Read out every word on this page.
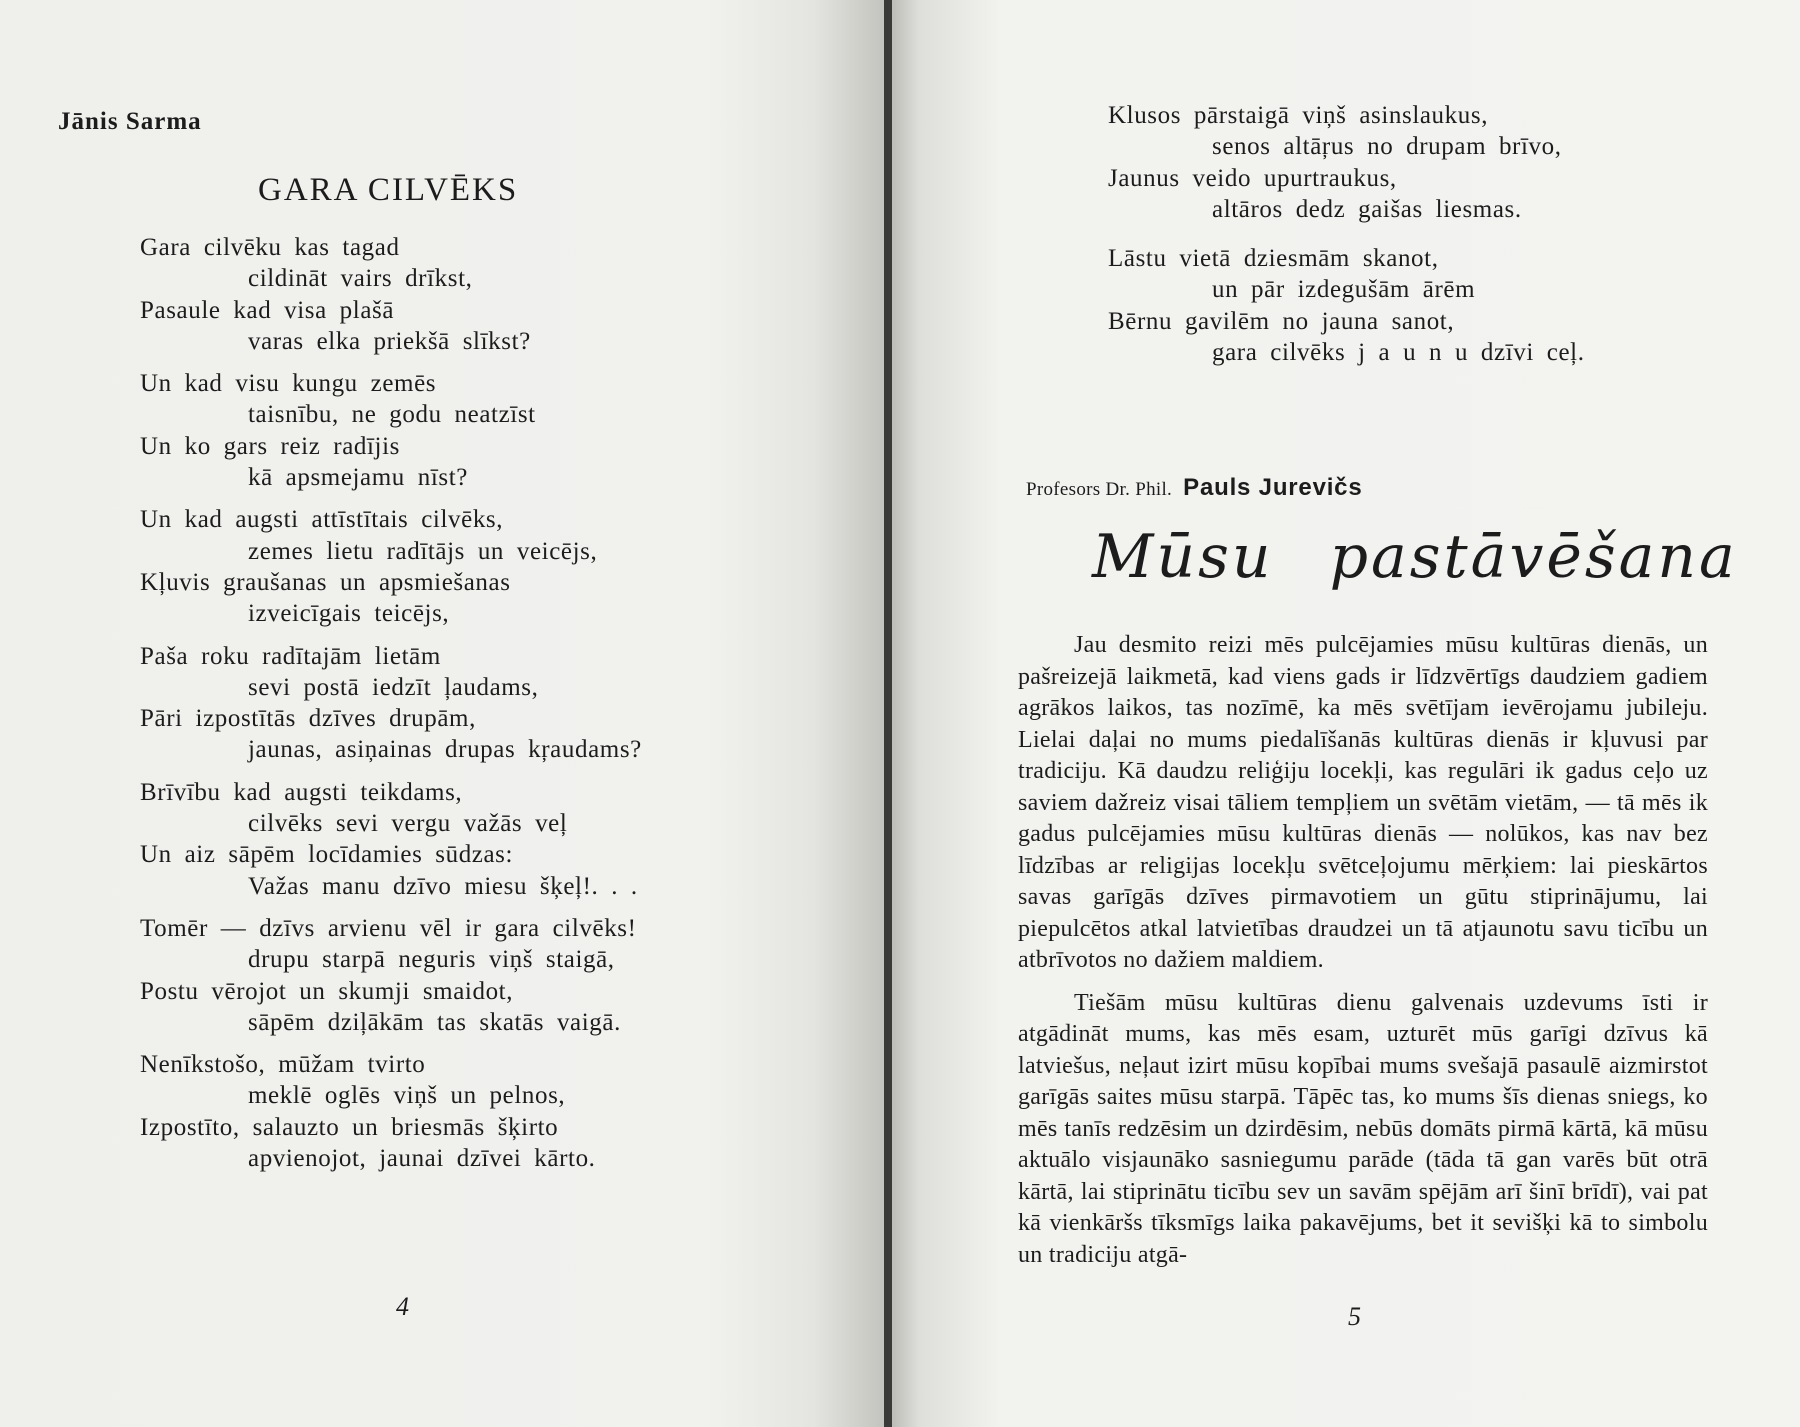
Jānis Sarma
GARA CILVĒKS
Gara cilvēku kas tagad
cildināt vairs drīkst,
Pasaule kad visa plašā
varas elka priekšā slīkst?
Un kad visu kungu zemēs
taisnību, ne godu neatzīst
Un ko gars reiz radījis
kā apsmejamu nīst?
Un kad augsti attīstītais cilvēks,
zemes lietu radītājs un veicējs,
Kļuvis graušanas un apsmiešanas
izveicīgais teicējs,
Paša roku radītajām lietām
sevi postā iedzīt ļaudams,
Pāri izpostītās dzīves drupām,
jaunas, asiņainas drupas kŗaudams?
Brīvību kad augsti teikdams,
cilvēks sevi vergu važās veļ
Un aiz sāpēm locīdamies sūdzas:
Važas manu dzīvo miesu šķeļ!. . .
Tomēr — dzīvs arvienu vēl ir gara cilvēks!
drupu starpā neguris viņš staigā,
Postu vērojot un skumji smaidot,
sāpēm dziļākām tas skatās vaigā.
Nenīkstošo, mūžam tvirto
meklē oglēs viņš un pelnos,
Izpostīto, salauzto un briesmās šķirto
apvienojot, jaunai dzīvei kārto.
4
Klusos pārstaigā viņš asinslaukus,
senos altāŗus no drupam brīvo,
Jaunus veido upurtraukus,
altāros dedz gaišas liesmas.
Lāstu vietā dziesmām skanot,
un pār izdegušām ārēm
Bērnu gavilēm no jauna sanot,
gara cilvēks j a u n u dzīvi ceļ.
Profesors Dr. Phil. Pauls Jurevičs
Mūsu pastāvēšana

Jau desmito reizi mēs pulcējamies mūsu kultūras dienās, un pašreizejā laikmetā, kad viens gads ir līdzvērtīgs daudziem gadiem agrākos laikos, tas nozīmē, ka mēs svētījam ievērojamu jubileju. Lielai daļai no mums piedalīšanās kultūras dienās ir kļuvusi par tradiciju. Kā daudzu reliģiju locekļi, kas regulāri ik gadus ceļo uz saviem dažreiz visai tāliem tempļiem un svētām vietām, — tā mēs ik gadus pulcējamies mūsu kultūras dienās — nolūkos, kas nav bez līdzības ar religijas locekļu svētceļojumu mērķiem: lai pieskārtos savas garīgās dzīves pirmavotiem un gūtu stiprinājumu, lai piepulcētos atkal latvietības draudzei un tā atjaunotu savu ticību un atbrīvotos no dažiem maldiem.

Tiešām mūsu kultūras dienu galvenais uzdevums īsti ir atgādināt mums, kas mēs esam, uzturēt mūs garīgi dzīvus kā latviešus, neļaut izirt mūsu kopībai mums svešajā pasaulē aizmirstot garīgās saites mūsu starpā. Tāpēc tas, ko mums šīs dienas sniegs, ko mēs tanīs redzēsim un dzirdēsim, nebūs domāts pirmā kārtā, kā mūsu aktuālo visjaunāko sasniegumu parāde (tāda tā gan varēs būt otrā kārtā, lai stiprinātu ticību sev un savām spējām arī šinī brīdī), vai pat kā vienkāršs tīksmīgs laika pakavējums, bet it sevišķi kā to simbolu un tradiciju atgā-

5
